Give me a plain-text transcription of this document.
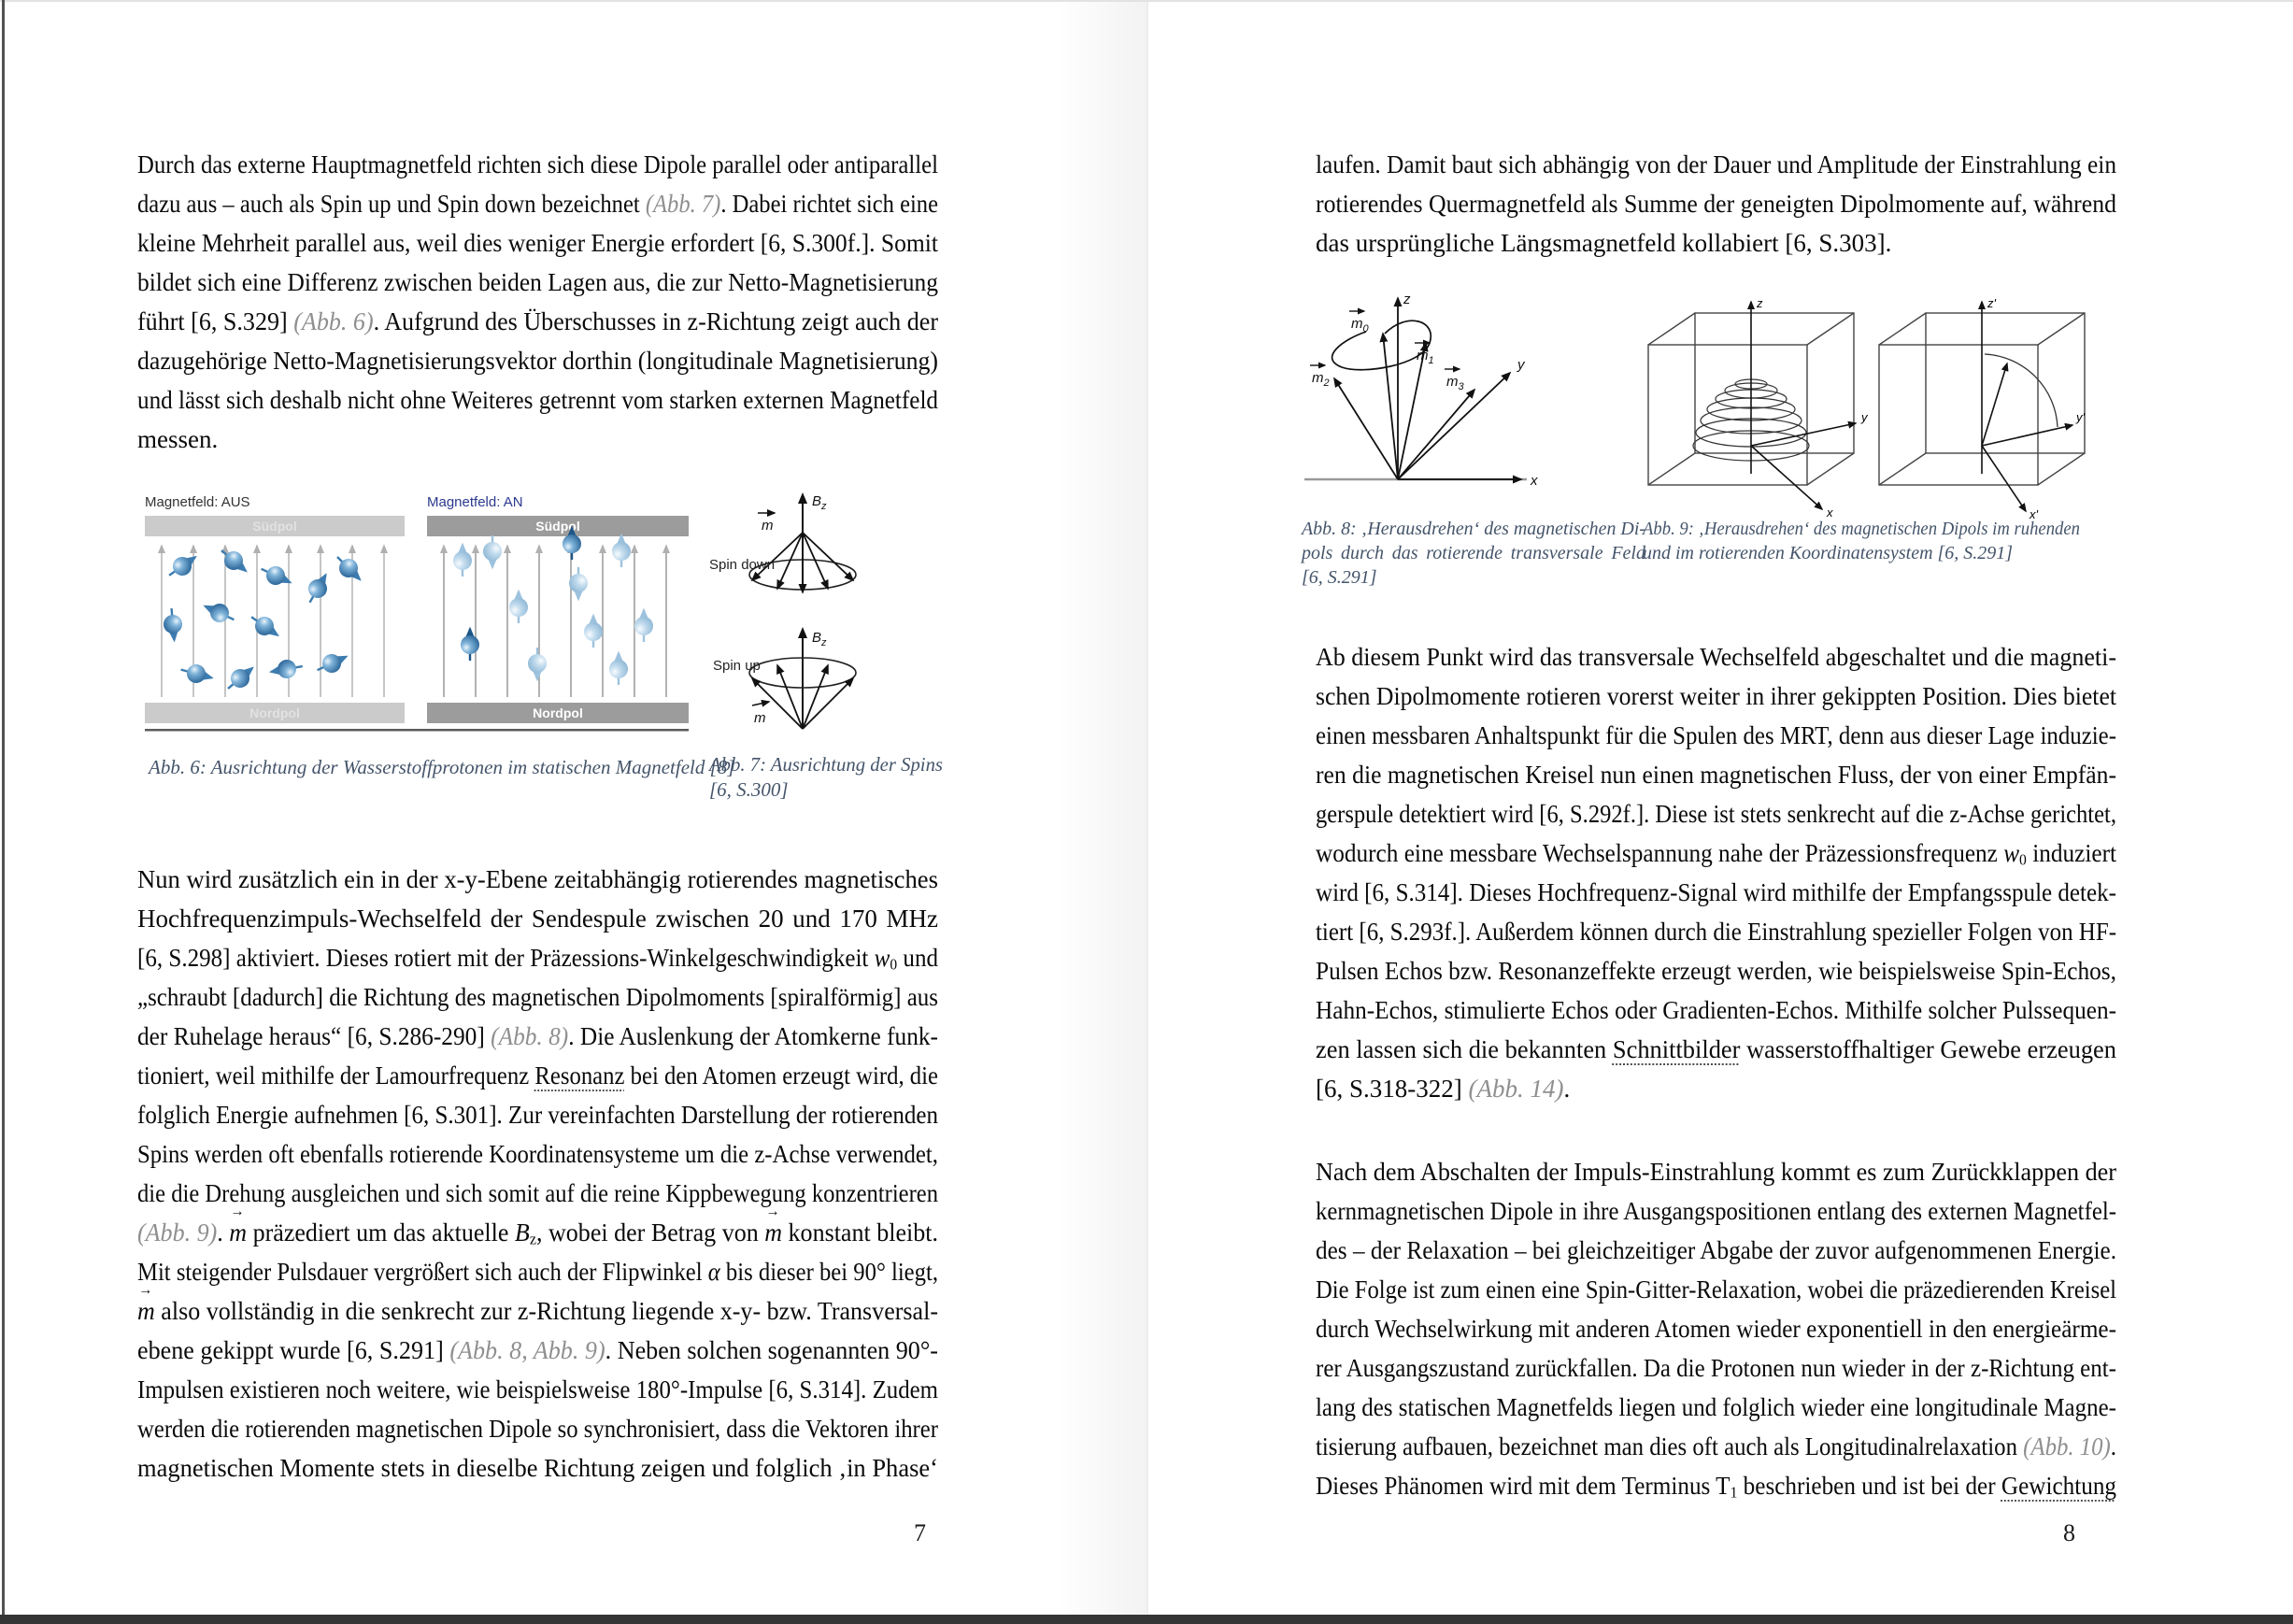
Durch das externe Hauptmagnetfeld richten sich diese Dipole parallel oder antiparallel
dazu aus – auch als Spin up und Spin down bezeichnet (Abb. 7). Dabei richtet sich eine
kleine Mehrheit parallel aus, weil dies weniger Energie erfordert [6, S.300f.]. Somit
bildet sich eine Differenz zwischen beiden Lagen aus, die zur Netto-Magnetisierung
führt [6, S.329] (Abb. 6). Aufgrund des Überschusses in z-Richtung zeigt auch der
dazugehörige Netto-Magnetisierungsvektor dorthin (longitudinale Magnetisierung)
und lässt sich deshalb nicht ohne Weiteres getrennt vom starken externen Magnetfeld
messen.
Magnetfeld: AUS
Südpol
Nordpol
Magnetfeld: AN
Südpol
Nordpol
$B_z$
m
Spin down
$B_z$
m
Spin up
Abb. 6: Ausrichtung der Wasserstoffprotonen im statischen Magnetfeld [8]
Abb. 7: Ausrichtung der Spins
[6, S.300]
Nun wird zusätzlich ein in der x-y-Ebene zeitabhängig rotierendes magnetisches
Hochfrequenzimpuls-Wechselfeld der Sendespule zwischen 20 und 170 MHz
[6, S.298] aktiviert. Dieses rotiert mit der Präzessions-Winkelgeschwindigkeit $w_0$ und
„schraubt [dadurch] die Richtung des magnetischen Dipolmoments [spiralförmig] aus
der Ruhelage heraus“ [6, S.286-290] (Abb. 8). Die Auslenkung der Atomkerne funk-
tioniert, weil mithilfe der Lamourfrequenz Resonanz bei den Atomen erzeugt wird, die
folglich Energie aufnehmen [6, S.301]. Zur vereinfachten Darstellung der rotierenden
Spins werden oft ebenfalls rotierende Koordinatensysteme um die z-Achse verwendet,
die die Drehung ausgleichen und sich somit auf die reine Kippbewegung konzentrieren
(Abb. 9).
→
m präzediert um das aktuelle $B_z$, wobei der Betrag von
→
m konstant bleibt.
Mit steigender Pulsdauer vergrößert sich auch der Flipwinkel α bis dieser bei 90° liegt,
→
m also vollständig in die senkrecht zur z-Richtung liegende x-y- bzw. Transversal-
ebene gekippt wurde [6, S.291] (Abb. 8, Abb. 9). Neben solchen sogenannten 90°-
Impulsen existieren noch weitere, wie beispielsweise 180°-Impulse [6, S.314]. Zudem
werden die rotierenden magnetischen Dipole so synchronisiert, dass die Vektoren ihrer
magnetischen Momente stets in dieselbe Richtung zeigen und folglich ‚in Phase‘
laufen. Damit baut sich abhängig von der Dauer und Amplitude der Einstrahlung ein
rotierendes Quermagnetfeld als Summe der geneigten Dipolmomente auf, während
das ursprüngliche Längsmagnetfeld kollabiert [6, S.303].
x
z
y
$m_0$
$m_1$
$m_2$	$m_3$
z
y
x
z'
y'
x'
Abb. 8: ‚Herausdrehen‘ des magnetischen Di-
pols durch das rotierende transversale Feld
[6, S.291]
Abb. 9: ‚Herausdrehen‘ des magnetischen Dipols im ruhenden
und im rotierenden Koordinatensystem [6, S.291]
Ab diesem Punkt wird das transversale Wechselfeld abgeschaltet und die magneti-
schen Dipolmomente rotieren vorerst weiter in ihrer gekippten Position. Dies bietet
einen messbaren Anhaltspunkt für die Spulen des MRT, denn aus dieser Lage induzie-
ren die magnetischen Kreisel nun einen magnetischen Fluss, der von einer Empfän-
gerspule detektiert wird [6, S.292f.]. Diese ist stets senkrecht auf die z-Achse gerichtet,
wodurch eine messbare Wechselspannung nahe der Präzessionsfrequenz $w_0$ induziert
wird [6, S.314]. Dieses Hochfrequenz-Signal wird mithilfe der Empfangsspule detek-
tiert [6, S.293f.]. Außerdem können durch die Einstrahlung spezieller Folgen von HF-
Pulsen Echos bzw. Resonanzeffekte erzeugt werden, wie beispielsweise Spin-Echos,
Hahn-Echos, stimulierte Echos oder Gradienten-Echos. Mithilfe solcher Pulssequen-
zen lassen sich die bekannten Schnittbilder wasserstoffhaltiger Gewebe erzeugen
[6, S.318-322] (Abb. 14).
Nach dem Abschalten der Impuls-Einstrahlung kommt es zum Zurückklappen der
kernmagnetischen Dipole in ihre Ausgangspositionen entlang des externen Magnetfel-
des – der Relaxation – bei gleichzeitiger Abgabe der zuvor aufgenommenen Energie.
Die Folge ist zum einen eine Spin-Gitter-Relaxation, wobei die präzedierenden Kreisel
durch Wechselwirkung mit anderen Atomen wieder exponentiell in den energieärme-
rer Ausgangszustand zurückfallen. Da die Protonen nun wieder in der z-Richtung ent-
lang des statischen Magnetfelds liegen und folglich wieder eine longitudinale Magne-
tisierung aufbauen, bezeichnet man dies oft auch als Longitudinalrelaxation (Abb. 10).
Dieses Phänomen wird mit dem Terminus $T_1$ beschrieben und ist bei der Gewichtung
7	8
